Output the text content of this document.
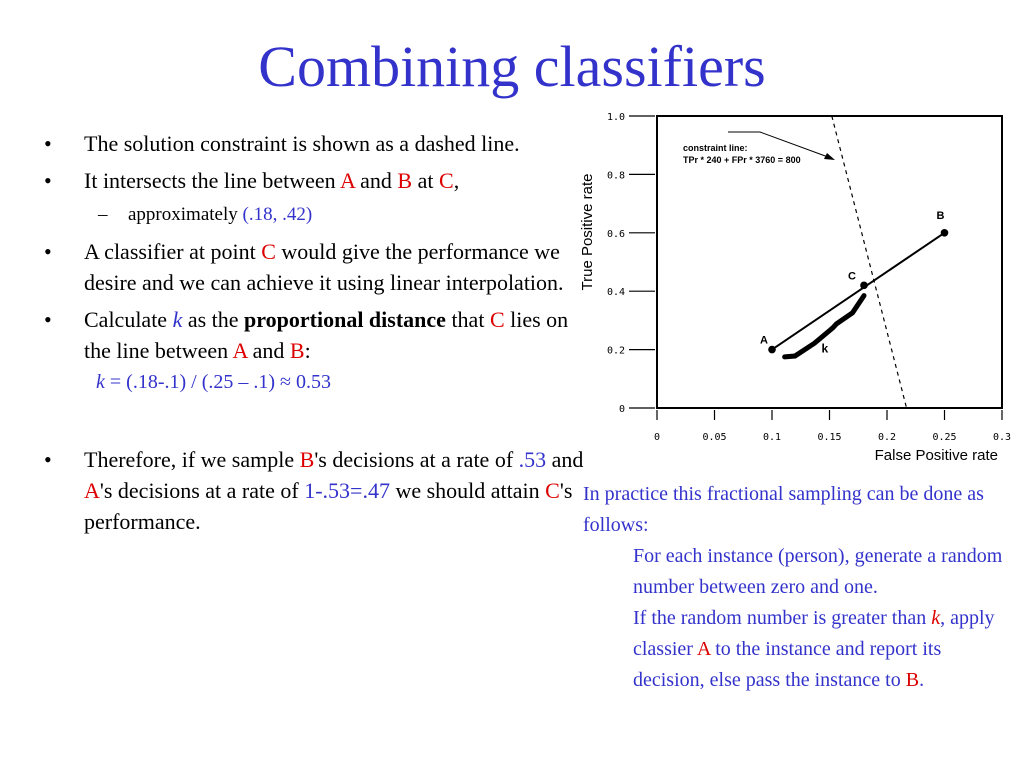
Combining classifiers

• The solution constraint is shown as a dashed line.

• It intersects the line between A and B at C,

– approximately (.18, .42)

• A classifier at point C would give the performance we desire and we can achieve it using linear interpolation.

• Calculate k as the proportional distance that C lies on the line between A and B:

k = (.18-.1) / (.25 – .1) ≈ 0.53

• Therefore, if we sample B's decisions at a rate of .53 and A's decisions at a rate of 1-.53=.47 we should attain C's performance.

0
0.2
0.4
0.6
0.8
1.0
0	0.05	0.1	0.15	0.2	0.25	0.3
False Positive rate
True Positive rate
A
B
C
k
constraint line:
TPr * 240 + FPr * 3760 = 800
In practice this fractional sampling can be done as follows:
For each instance (person), generate a random number between zero and one.
If the random number is greater than k, apply classier A to the instance and report its decision, else pass the instance to B.
